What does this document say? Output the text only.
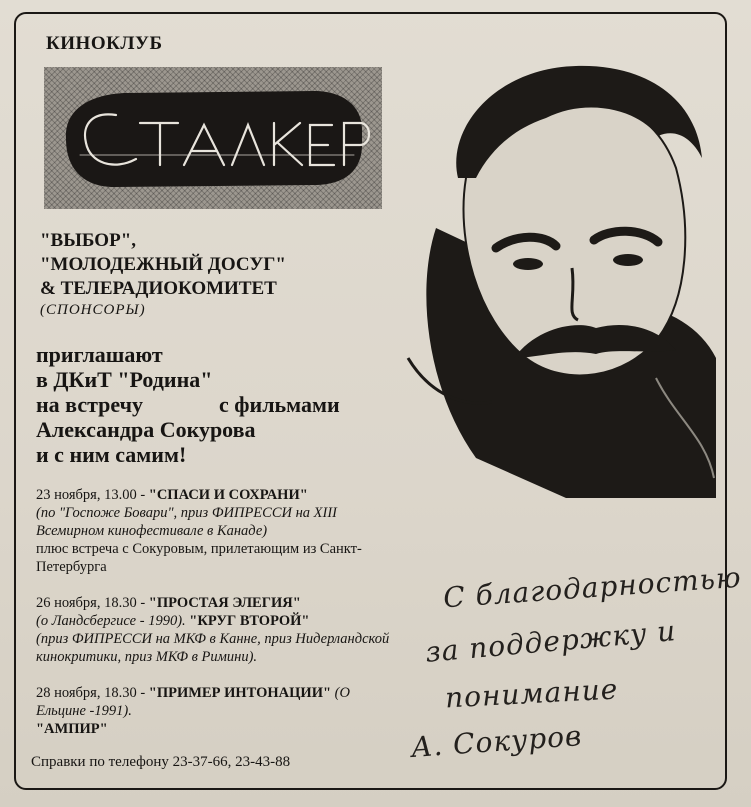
КИНОКЛУБ
СТАЛКЕР
"ВЫБОР",
"МОЛОДЕЖНЫЙ ДОСУГ"
& ТЕЛЕРАДИОКОМИТЕТ
(СПОНСОРЫ)
приглашают
в ДКиТ "Родина"
на встречу	с фильмами
Александра Сокурова
и с ним самим!

23 ноября, 13.00 - "СПАСИ И СОХРАНИ"
(по "Госпоже Бовари", приз ФИПРЕССИ на XIII Всемирном кинофестивале в Канаде)
плюс встреча с Сокуровым, прилетающим из Санкт-Петербурга

26 ноября, 18.30 - "ПРОСТАЯ ЭЛЕГИЯ"
(о Ландсбергисе - 1990). "КРУГ ВТОРОЙ"
(приз ФИПРЕССИ на МКФ в Канне, приз Нидерландской кинокритики, приз МКФ в Римини).

28 ноября, 18.30 - "ПРИМЕР ИНТОНАЦИИ" (О Ельцине -1991).
"АМПИР"

Справки по телефону 23-37-66, 23-43-88
С благодарностью
за поддержку и
понимание
А. Сокуров
